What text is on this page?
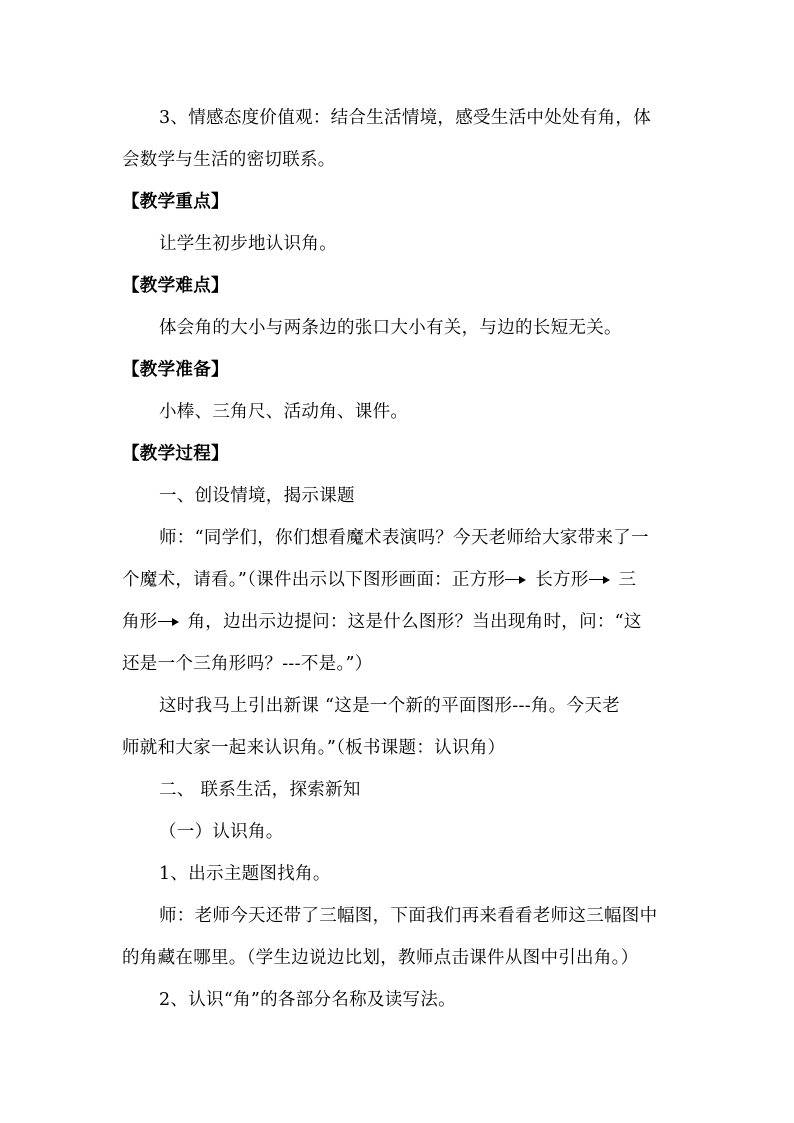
3、情感态度价值观：结合生活情境，感受生活中处处有角，体
会数学与生活的密切联系。
【教学重点】
让学生初步地认识角。
【教学难点】
体会角的大小与两条边的张口大小有关，与边的长短无关。
【教学准备】
小棒、三角尺、活动角、课件。
【教学过程】
一、创设情境，揭示课题
师：“同学们，你们想看魔术表演吗？今天老师给大家带来了一
个魔术，请看。”（课件出示以下图形画面：正方形 长方形 三
角形 角，边出示边提问：这是什么图形？当出现角时，问：“这
还是一个三角形吗？---不是。”）
这时我马上引出新课 “这是一个新的平面图形---角。今天老
师就和大家一起来认识角。”（板书课题：认识角）
二、 联系生活，探索新知
（一）认识角。
1、出示主题图找角。
师：老师今天还带了三幅图，下面我们再来看看老师这三幅图中
的角藏在哪里。（学生边说边比划，教师点击课件从图中引出角。）
2、认识“角”的各部分名称及读写法。
